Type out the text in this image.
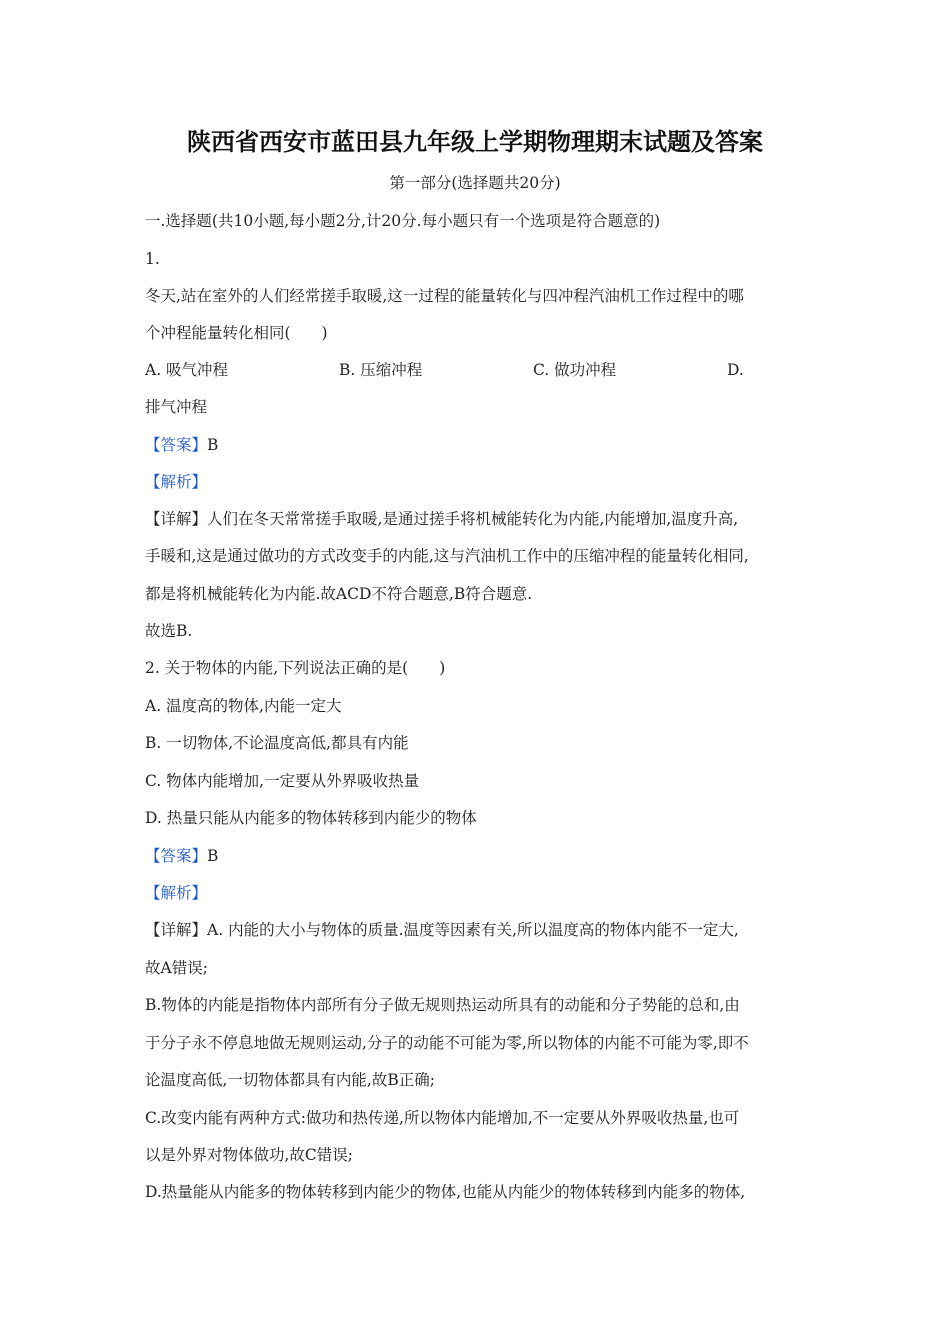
陕西省西安市蓝田县九年级上学期物理期末试题及答案
第一部分(选择题共20分)
一.选择题(共10小题,每小题2分,计20分.每小题只有一个选项是符合题意的)
1.
冬天,站在室外的人们经常搓手取暖,这一过程的能量转化与四冲程汽油机工作过程中的哪
个冲程能量转化相同(　　)
A. 吸气冲程	B. 压缩冲程	C. 做功冲程	D.
排气冲程
【答案】B
【解析】
【详解】人们在冬天常常搓手取暖,是通过搓手将机械能转化为内能,内能增加,温度升高,
手暖和,这是通过做功的方式改变手的内能,这与汽油机工作中的压缩冲程的能量转化相同,
都是将机械能转化为内能.故ACD不符合题意,B符合题意.
故选B.
2. 关于物体的内能,下列说法正确的是(　　)
A. 温度高的物体,内能一定大
B. 一切物体,不论温度高低,都具有内能
C. 物体内能增加,一定要从外界吸收热量
D. 热量只能从内能多的物体转移到内能少的物体
【答案】B
【解析】
【详解】A. 内能的大小与物体的质量.温度等因素有关,所以温度高的物体内能不一定大,
故A错误;
B.物体的内能是指物体内部所有分子做无规则热运动所具有的动能和分子势能的总和,由
于分子永不停息地做无规则运动,分子的动能不可能为零,所以物体的内能不可能为零,即不
论温度高低,一切物体都具有内能,故B正确;
C.改变内能有两种方式:做功和热传递,所以物体内能增加,不一定要从外界吸收热量,也可
以是外界对物体做功,故C错误;
D.热量能从内能多的物体转移到内能少的物体,也能从内能少的物体转移到内能多的物体,
